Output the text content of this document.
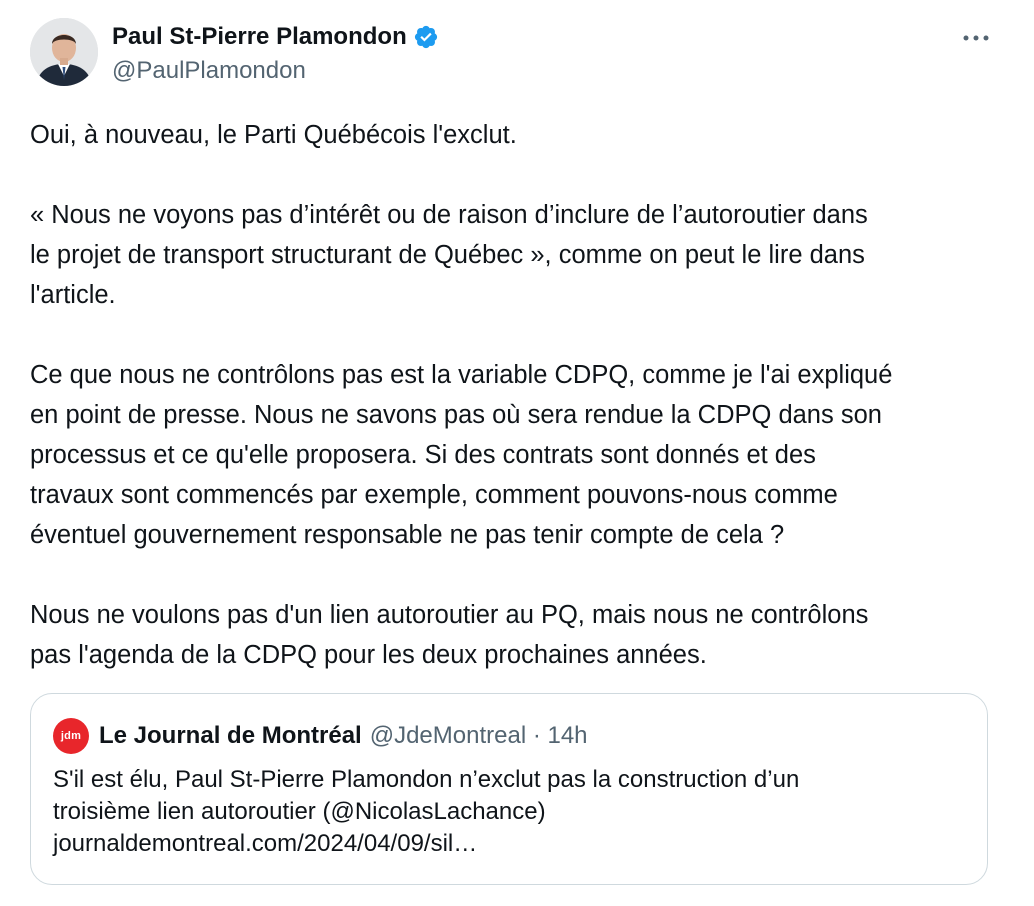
Paul St-Pierre Plamondon
@PaulPlamondon

Oui, à nouveau, le Parti Québécois l'exclut.

« Nous ne voyons pas d’intérêt ou de raison d’inclure de l’autoroutier dans
le projet de transport structurant de Québec », comme on peut le lire dans
l'article.

Ce que nous ne contrôlons pas est la variable CDPQ, comme je l'ai expliqué
en point de presse. Nous ne savons pas où sera rendue la CDPQ dans son
processus et ce qu'elle proposera. Si des contrats sont donnés et des
travaux sont commencés par exemple, comment pouvons-nous comme
éventuel gouvernement responsable ne pas tenir compte de cela ?

Nous ne voulons pas d'un lien autoroutier au PQ, mais nous ne contrôlons
pas l'agenda de la CDPQ pour les deux prochaines années.

jdm Le Journal de Montréal @JdeMontreal · 14h
S'il est élu, Paul St-Pierre Plamondon n’exclut pas la construction d’un
troisième lien autoroutier (@NicolasLachance)
journaldemontreal.com/2024/04/09/sil…
